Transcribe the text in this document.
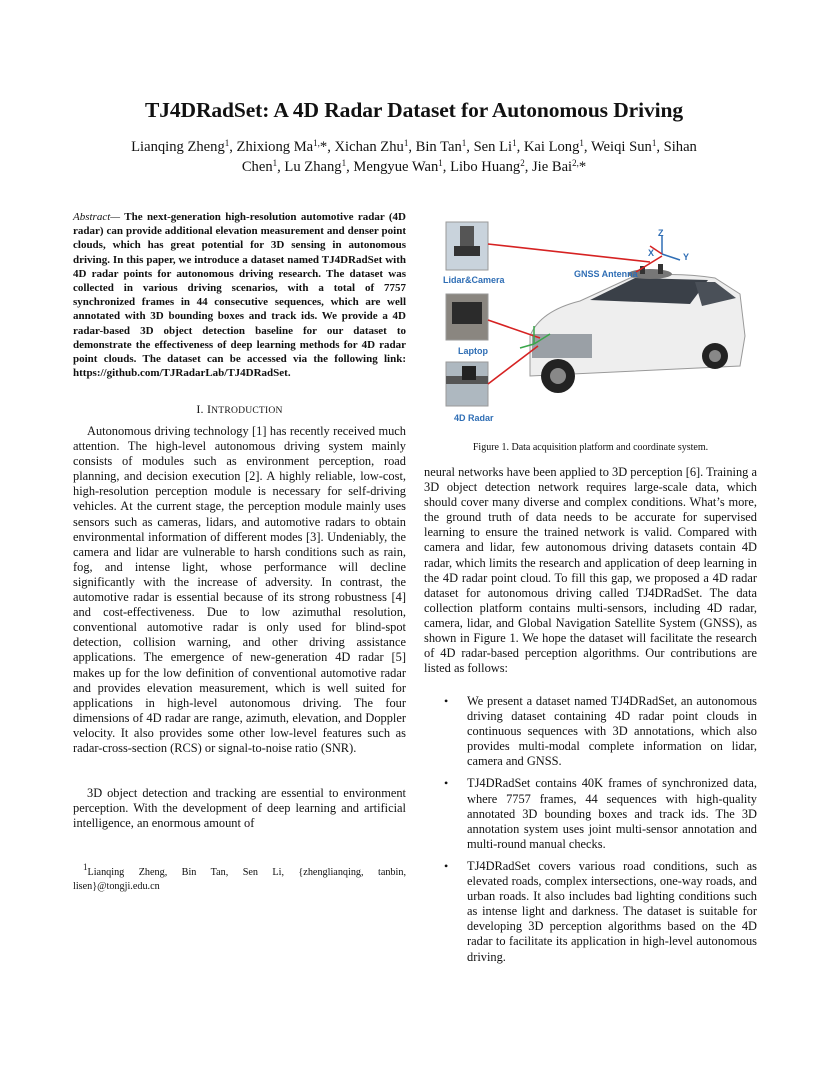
TJ4DRadSet: A 4D Radar Dataset for Autonomous Driving
Lianqing Zheng$^1$, Zhixiong $Ma^{1,}*$, Xichan Zhu$^1$, Bin Tan$^1$, Sen Li$^1$, Kai Long$^1$, Weiqi Sun$^1$, Sihan
Chen$^1$, Lu Zhang$^1$, Mengyue Wan$^1$, Libo Huang$^2$, Jie Bai$^{2,}$*
Abstract— The next-generation high-resolution automotive radar (4D radar) can provide additional elevation measurement and denser point clouds, which has great potential for 3D sensing in autonomous driving. In this paper, we introduce a dataset named TJ4DRadSet with 4D radar points for autonomous driving research. The dataset was collected in various driving scenarios, with a total of 7757 synchronized frames in 44 consecutive sequences, which are well annotated with 3D bounding boxes and track ids. We provide a 4D radar-based 3D object detection baseline for our dataset to demonstrate the effectiveness of deep learning methods for 4D radar point clouds. The dataset can be accessed via the following link: https://github.com/TJRadarLab/TJ4DRadSet.
I. INTRODUCTION

Autonomous driving technology [1] has recently received much attention. The high-level autonomous driving system mainly consists of modules such as environment perception, road planning, and decision execution [2]. A highly reliable, low-cost, high-resolution perception module is necessary for self-driving vehicles. At the current stage, the perception module mainly uses sensors such as cameras, lidars, and automotive radars to obtain environmental information of different modes [3]. Undeniably, the camera and lidar are vulnerable to harsh conditions such as rain, fog, and intense light, whose performance will decline significantly with the increase of adversity. In contrast, the automotive radar is essential because of its strong robustness [4] and cost-effectiveness. Due to low azimuthal resolution, conventional automotive radar is only used for blind-spot detection, collision warning, and other driving assistance applications. The emergence of new-generation 4D radar [5] makes up for the low definition of conventional automotive radar and provides elevation measurement, which is well suited for applications in high-level autonomous driving. The four dimensions of 4D radar are range, azimuth, elevation, and Doppler velocity. It also provides some other low-level features such as radar-cross-section (RCS) or signal-to-noise ratio (SNR).

3D object detection and tracking are essential to environment perception. With the development of deep learning and artificial intelligence, an enormous amount of

$^1$Lianqing Zheng, Bin Tan, Sen Li, {zhenglianqing, tanbin, lisen}@tongji.edu.cn
Lidar&Camera
Laptop
4D Radar
GNSS Antenna
Z
X	Y
Figure 1. Data acquisition platform and coordinate system.

neural networks have been applied to 3D perception [6]. Training a 3D object detection network requires large-scale data, which should cover many diverse and complex conditions. What’s more, the ground truth of data needs to be accurate for supervised learning to ensure the trained network is valid. Compared with camera and lidar, few autonomous driving datasets contain 4D radar, which limits the research and application of deep learning in the 4D radar point cloud. To fill this gap, we proposed a 4D radar dataset for autonomous driving called TJ4DRadSet. The data collection platform contains multi-sensors, including 4D radar, camera, lidar, and Global Navigation Satellite System (GNSS), as shown in Figure 1. We hope the dataset will facilitate the research of 4D radar-based perception algorithms. Our contributions are listed as follows:

• We present a dataset named TJ4DRadSet, an autonomous driving dataset containing 4D radar point clouds in continuous sequences with 3D annotations, which also provides multi-modal complete information on lidar, camera and GNSS.
• TJ4DRadSet contains 40K frames of synchronized data, where 7757 frames, 44 sequences with high-quality annotated 3D bounding boxes and track ids. The 3D annotation system uses joint multi-sensor annotation and multi-round manual checks.
• TJ4DRadSet covers various road conditions, such as elevated roads, complex intersections, one-way roads, and urban roads. It also includes bad lighting conditions such as intense light and darkness. The dataset is suitable for developing 3D perception algorithms based on the 4D radar to facilitate its application in high-level autonomous driving.
